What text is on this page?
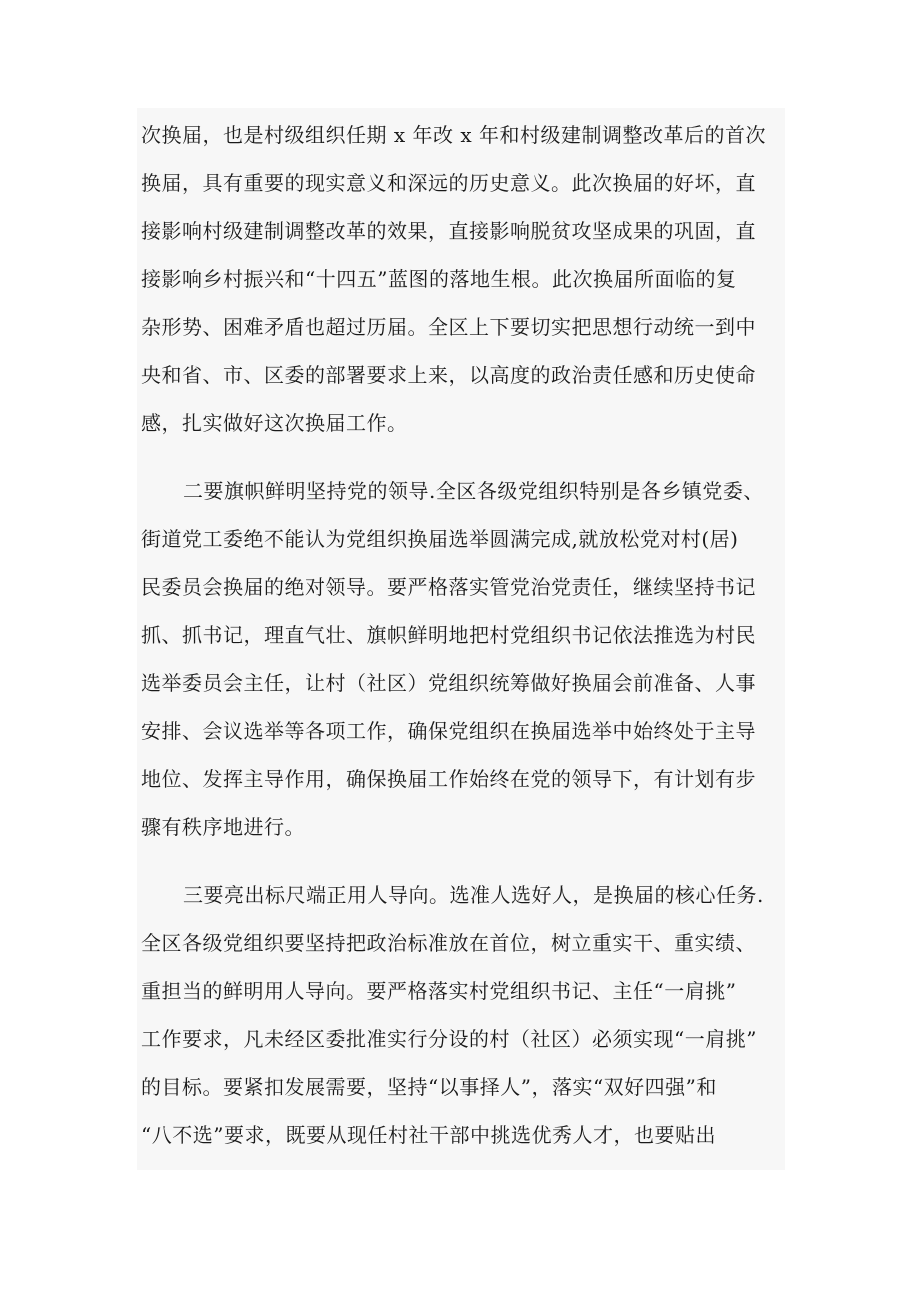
次换届，也是村级组织任期 x 年改 x 年和村级建制调整改革后的首次
换届，具有重要的现实意义和深远的历史意义。此次换届的好坏，直
接影响村级建制调整改革的效果，直接影响脱贫攻坚成果的巩固，直
接影响乡村振兴和“十四五”蓝图的落地生根。此次换届所面临的复
杂形势、困难矛盾也超过历届。全区上下要切实把思想行动统一到中
央和省、市、区委的部署要求上来，以高度的政治责任感和历史使命
感，扎实做好这次换届工作。
二要旗帜鲜明坚持党的领导.全区各级党组织特别是各乡镇党委、
街道党工委绝不能认为党组织换届选举圆满完成,就放松党对村(居)
民委员会换届的绝对领导。要严格落实管党治党责任，继续坚持书记
抓、抓书记，理直气壮、旗帜鲜明地把村党组织书记依法推选为村民
选举委员会主任，让村（社区）党组织统筹做好换届会前准备、人事
安排、会议选举等各项工作，确保党组织在换届选举中始终处于主导
地位、发挥主导作用，确保换届工作始终在党的领导下，有计划有步
骤有秩序地进行。
三要亮出标尺端正用人导向。选准人选好人，是换届的核心任务.
全区各级党组织要坚持把政治标准放在首位，树立重实干、重实绩、
重担当的鲜明用人导向。要严格落实村党组织书记、主任“一肩挑”
工作要求，凡未经区委批准实行分设的村（社区）必须实现“一肩挑”
的目标。要紧扣发展需要，坚持“以事择人”，落实“双好四强”和
“八不选”要求，既要从现任村社干部中挑选优秀人才，也要贴出
